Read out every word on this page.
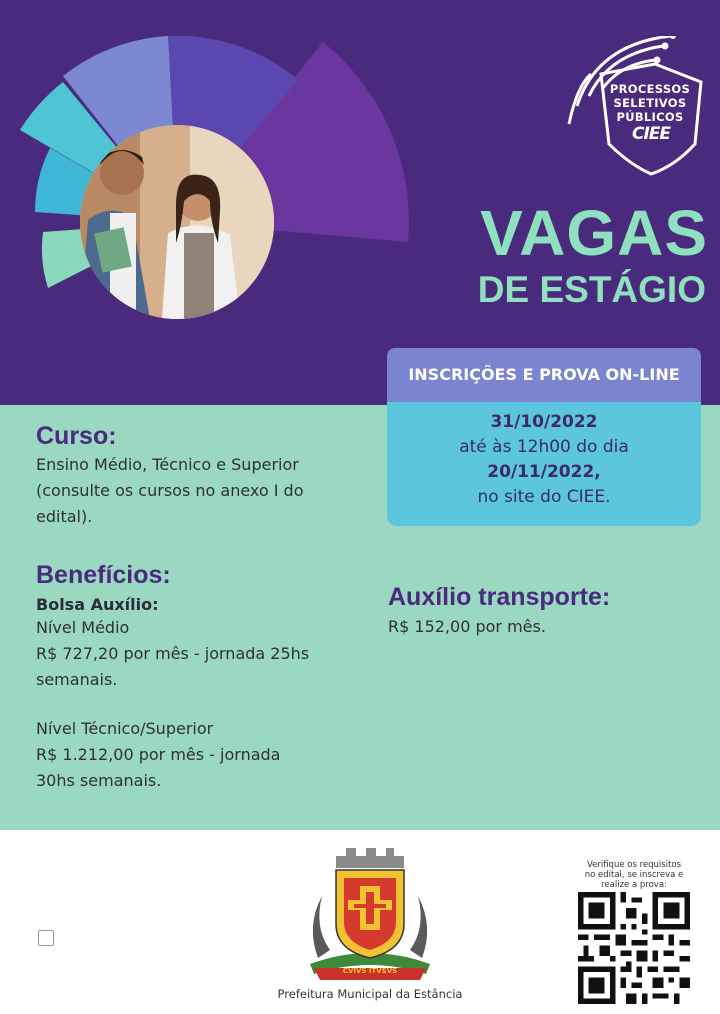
PROCESSOS
SELETIVOS
PÚBLICOS
CIEE
VAGAS
DE ESTÁGIO
INSCRIÇÕES E PROVA ON-LINE
31/10/2022
até às 12h00 do dia
20/11/2022,
no site do CIEE.
Curso:
Ensino Médio, Técnico e Superior
(consulte os cursos no anexo I do
edital).
Benefícios:
Bolsa Auxílio:
Nível Médio
R$ 727,20 por mês - jornada 25hs
semanais.
Nível Técnico/Superior
R$ 1.212,00 por mês - jornada
30hs semanais.
Auxílio transporte:
R$ 152,00 por mês.
CVIVS ITVSVS
Prefeitura Municipal da Estância
Verifique os requisitos
no edital, se inscreva e
realize a prova:
